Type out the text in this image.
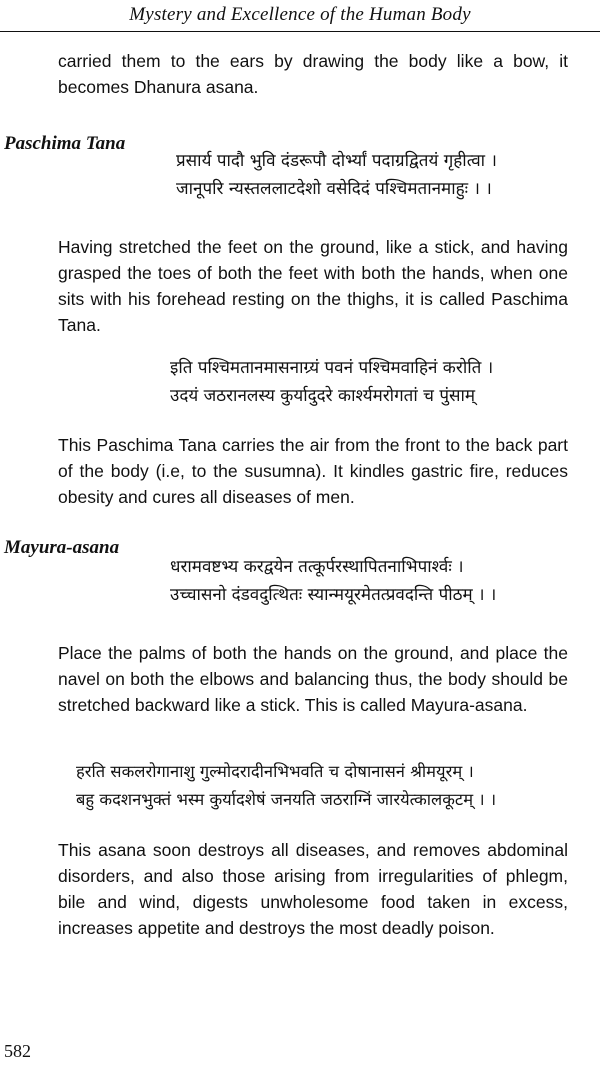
Mystery and Excellence of the Human Body

carried them to the ears by drawing the body like a bow, it becomes Dhanura asana.

Paschima Tana

प्रसार्य पादौ भुवि दंडरूपौ दोर्भ्यां पदाग्रद्वितयं गृहीत्वा ।
जानूपरि न्यस्तललाटदेशो वसेदिदं पश्चिमतानमाहुः । ।

Having stretched the feet on the ground, like a stick, and having grasped the toes of both the feet with both the hands, when one sits with his forehead resting on the thighs, it is called Paschima Tana.

इति पश्चिमतानमासनाग्र्यं पवनं पश्चिमवाहिनं करोति ।
उदयं जठरानलस्य कुर्यादुदरे कार्श्यमरोगतां च पुंसाम्

This Paschima Tana carries the air from the front to the back part of the body (i.e, to the susumna). It kindles gastric fire, reduces obesity and cures all diseases of men.

Mayura-asana

धरामवष्टभ्य करद्वयेन तत्कूर्परस्थापितनाभिपार्श्वः ।
उच्चासनो दंडवदुत्थितः स्यान्मयूरमेतत्प्रवदन्ति पीठम् । ।

Place the palms of both the hands on the ground, and place the navel on both the elbows and balancing thus, the body should be stretched backward like a stick. This is called Mayura-asana.

हरति सकलरोगानाशु गुल्मोदरादीनभिभवति च दोषानासनं श्रीमयूरम् ।
बहु कदशनभुक्तं भस्म कुर्यादशेषं जनयति जठराग्निं जारयेत्कालकूटम् । ।

This asana soon destroys all diseases, and removes abdominal disorders, and also those arising from irregularities of phlegm, bile and wind, digests unwholesome food taken in excess, increases appetite and destroys the most deadly poison.

582
